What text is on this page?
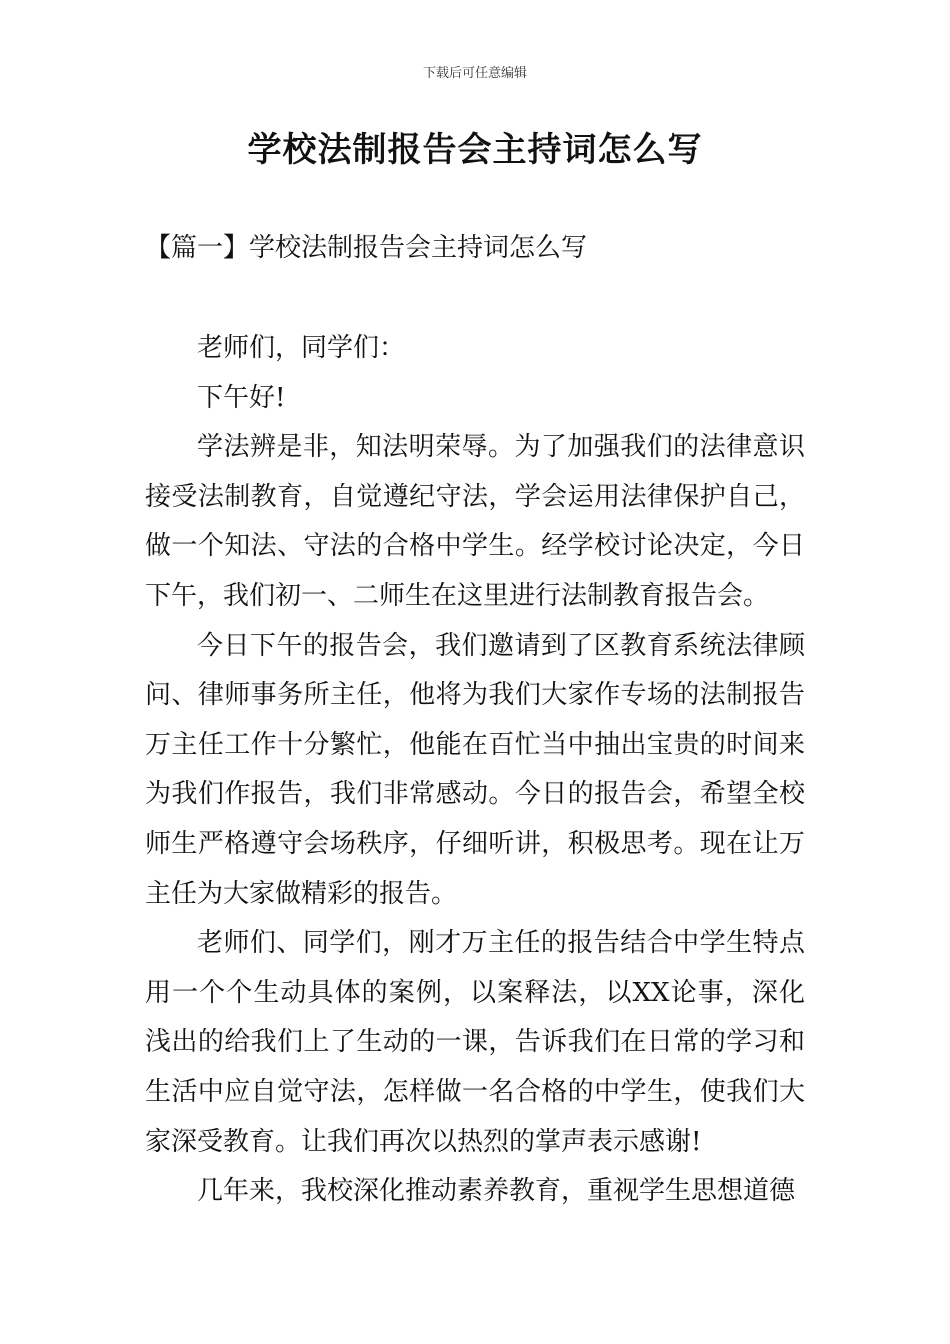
下载后可任意编辑
学校法制报告会主持词怎么写
【篇一】学校法制报告会主持词怎么写

老师们，同学们：

下午好!

学法辨是非，知法明荣辱。为了加强我们的法律意识接受法制教育，自觉遵纪守法，学会运用法律保护自己，做一个知法、守法的合格中学生。经学校讨论决定，今日下午，我们初一、二师生在这里进行法制教育报告会。

今日下午的报告会，我们邀请到了区教育系统法律顾问、律师事务所主任，他将为我们大家作专场的法制报告万主任工作十分繁忙，他能在百忙当中抽出宝贵的时间来为我们作报告，我们非常感动。今日的报告会，希望全校师生严格遵守会场秩序，仔细听讲，积极思考。现在让万主任为大家做精彩的报告。

老师们、同学们，刚才万主任的报告结合中学生特点用一个个生动具体的案例，以案释法，以XX论事，深化浅出的给我们上了生动的一课，告诉我们在日常的学习和生活中应自觉守法，怎样做一名合格的中学生，使我们大家深受教育。让我们再次以热烈的掌声表示感谢!

几年来，我校深化推动素养教育，重视学生思想道德
